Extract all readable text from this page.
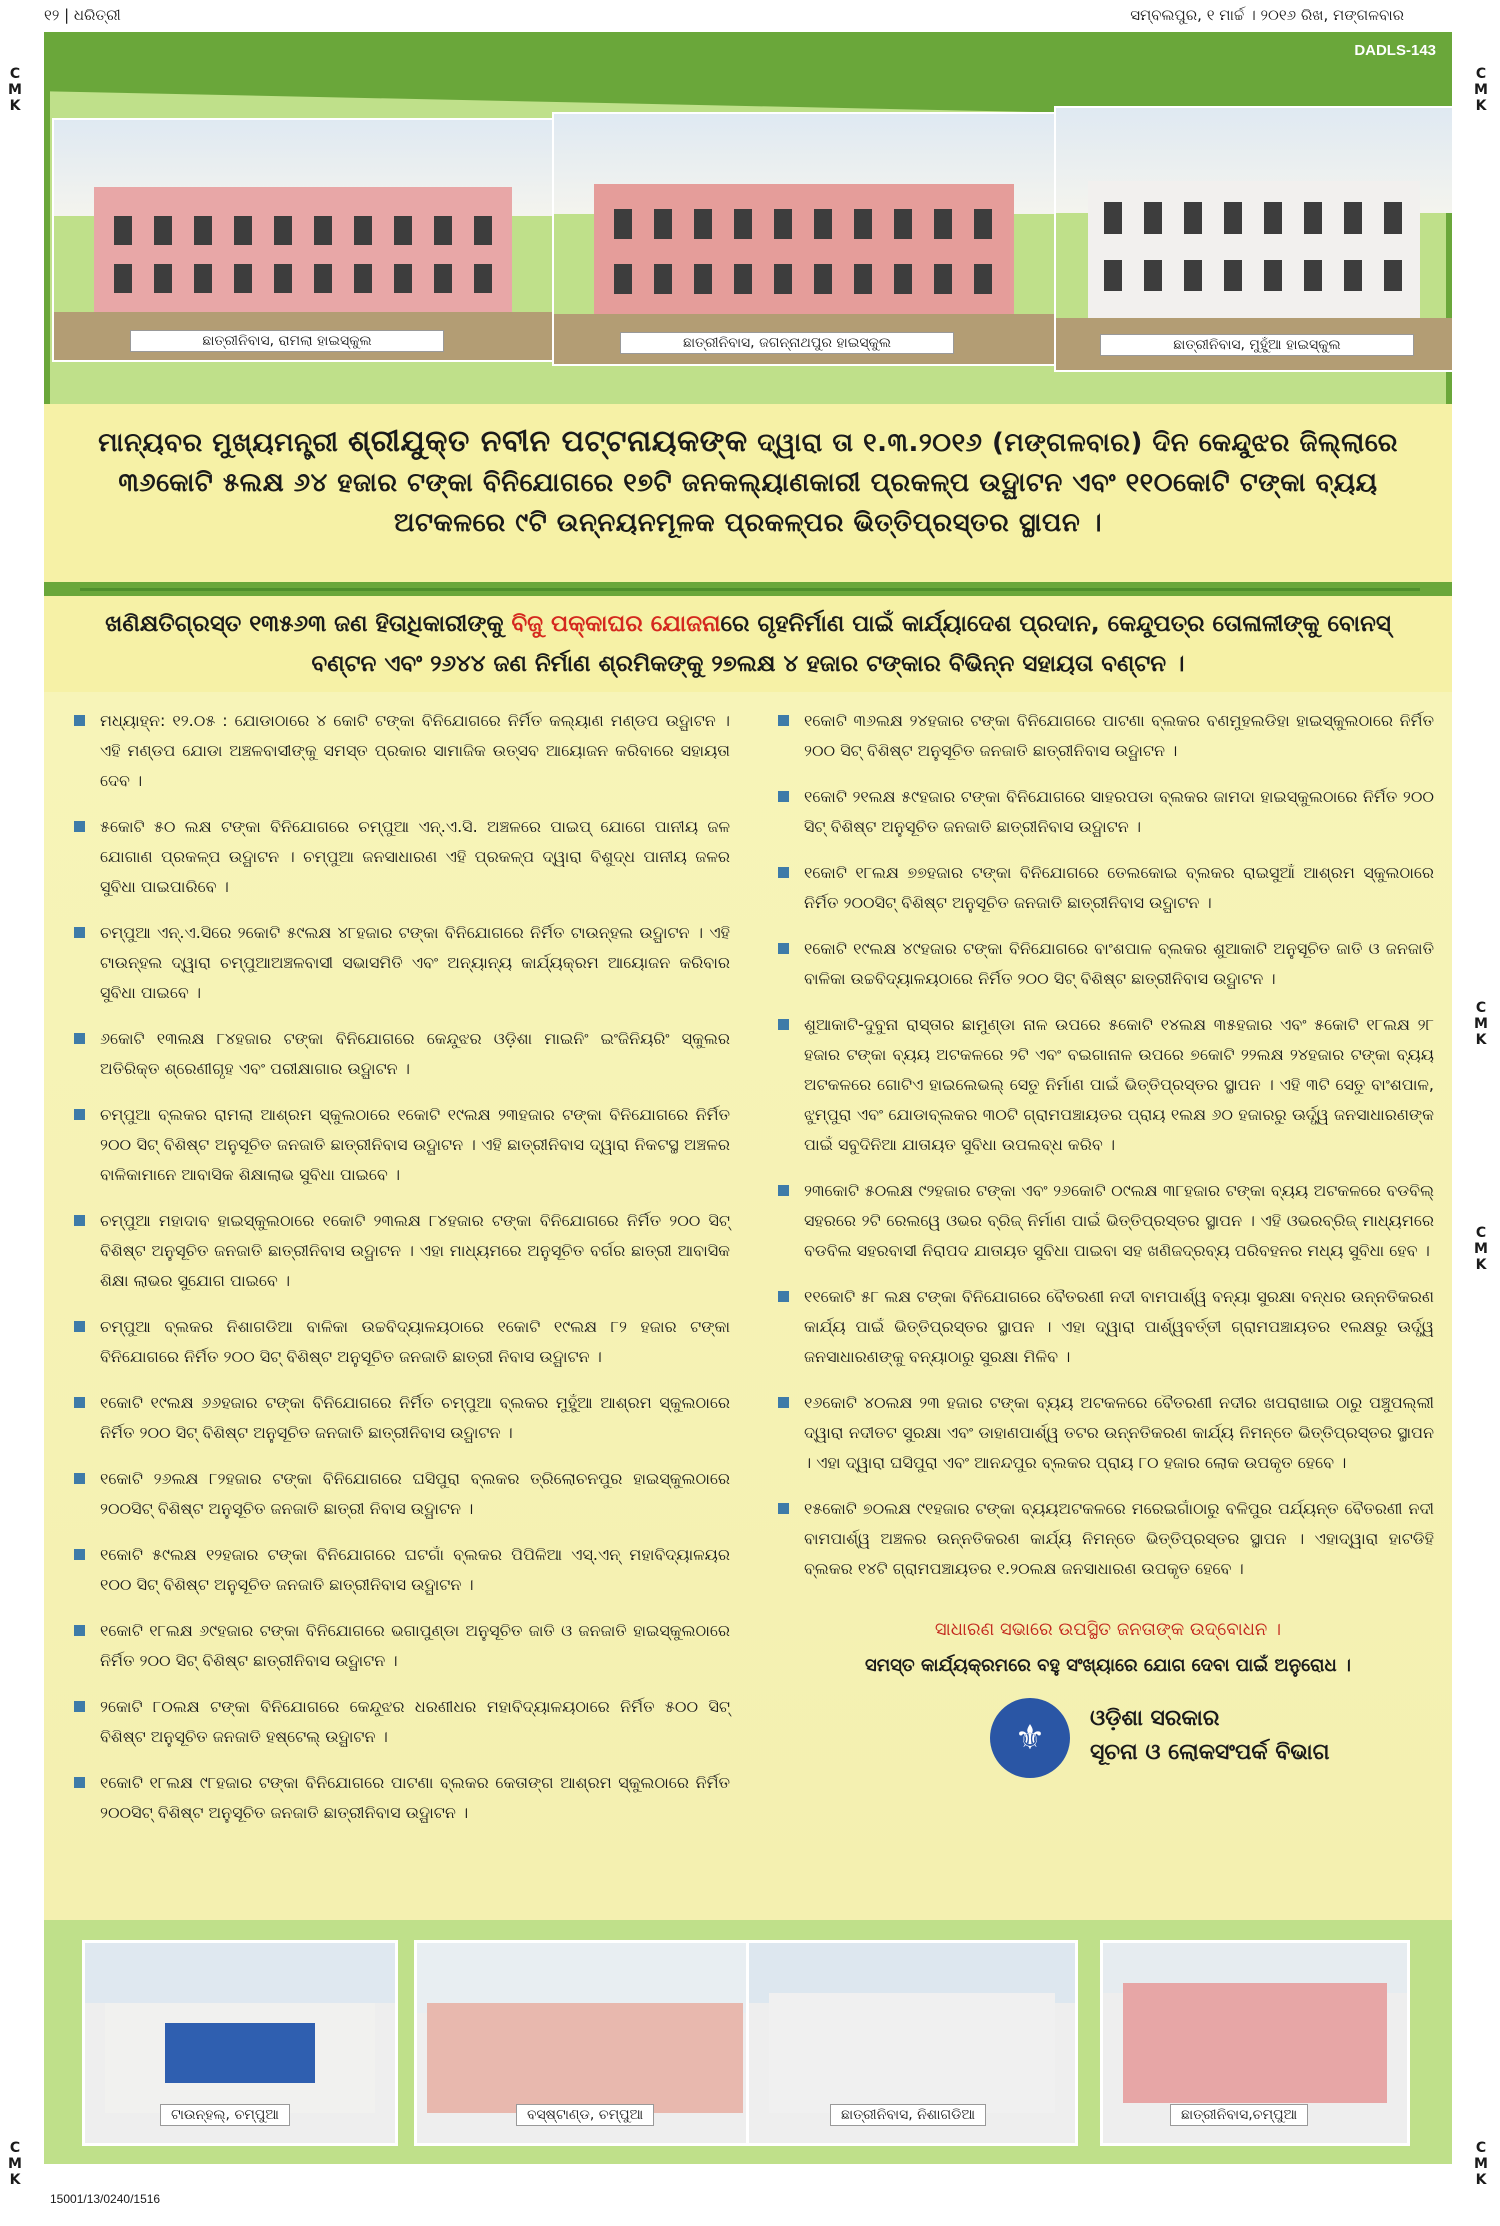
୧୨ | ଧରିତ୍ରୀ	ସମ୍ବଲପୁର, ୧ ମାର୍ଚ୍ଚ । ୨୦୧୬ ରିଖ, ମଙ୍ଗଳବାର
C M K
C M K
C M K
C M K
C M K
C M K
DADLS-143
ଛାତ୍ରୀନିବାସ, ରାମଲା ହାଇସ୍କୁଲ	ଛାତ୍ରୀନିବାସ, ଜଗନ୍ନାଥପୁର ହାଇସ୍କୁଲ	ଛାତ୍ରୀନିବାସ, ମୁହୁଁଆ ହାଇସ୍କୁଲ

ମାନ୍ୟବର ମୁଖ୍ୟମନ୍ତ୍ରୀ ଶ୍ରୀଯୁକ୍ତ ନବୀନ ପଟ୍ଟନାୟକଙ୍କ ଦ୍ୱାରା ତା ୧.୩.୨୦୧୬ (ମଙ୍ଗଳବାର) ଦିନ କେନ୍ଦୁଝର ଜିଲ୍ଲାରେ ୩୬କୋଟି ୫ଲକ୍ଷ ୬୪ ହଜାର ଟଙ୍କା ବିନିଯୋଗରେ ୧୭ଟି ଜନକଲ୍ୟାଣକାରୀ ପ୍ରକଳ୍ପ ଉଦ୍ଘାଟନ ଏବଂ ୧୧୦କୋଟି ଟଙ୍କା ବ୍ୟୟ ଅଟକଳରେ ୯ଟି ଉନ୍ନୟନମୂଳକ ପ୍ରକଳ୍ପର ଭିତ୍ତିପ୍ରସ୍ତର ସ୍ଥାପନ ।

ଖଣିକ୍ଷତିଗ୍ରସ୍ତ ୧୩୫୬୩ ଜଣ ହିତାଧିକାରୀଙ୍କୁ ବିଜୁ ପକ୍କାଘର ଯୋଜନାରେ ଗୃହନିର୍ମାଣ ପାଇଁ କାର୍ଯ୍ୟାଦେଶ ପ୍ରଦାନ, କେନ୍ଦୁପତ୍ର ତୋଳାଳୀଙ୍କୁ ବୋନସ୍ ବଣ୍ଟନ ଏବଂ ୨୬୪୪ ଜଣ ନିର୍ମାଣ ଶ୍ରମିକଙ୍କୁ ୨୭ଲକ୍ଷ ୪ ହଜାର ଟଙ୍କାର ବିଭିନ୍ନ ସହାୟତା ବଣ୍ଟନ ।

ମଧ୍ୟାହ୍ନ: ୧୨.୦୫ : ଯୋଡାଠାରେ ୪ କୋଟି ଟଙ୍କା ବିନିଯୋଗରେ ନିର୍ମିତ କଲ୍ୟାଣ ମଣ୍ଡପ ଉଦ୍ଘାଟନ । ଏହି ମଣ୍ଡପ ଯୋଡା ଅଞ୍ଚଳବାସୀଙ୍କୁ ସମସ୍ତ ପ୍ରକାର ସାମାଜିକ ଉତ୍ସବ ଆୟୋଜନ କରିବାରେ ସହାୟତା ଦେବ ।
୫କୋଟି ୫୦ ଲକ୍ଷ ଟଙ୍କା ବିନିଯୋଗରେ ଚମ୍ପୁଆ ଏନ୍.ଏ.ସି. ଅଞ୍ଚଳରେ ପାଇପ୍ ଯୋଗେ ପାନୀୟ ଜଳ ଯୋଗାଣ ପ୍ରକଳ୍ପ ଉଦ୍ଘାଟନ । ଚମ୍ପୁଆ ଜନସାଧାରଣ ଏହି ପ୍ରକଳ୍ପ ଦ୍ୱାରା ବିଶୁଦ୍ଧ ପାନୀୟ ଜଳର ସୁବିଧା ପାଇପାରିବେ ।
ଚମ୍ପୁଆ ଏନ୍.ଏ.ସିରେ ୨କୋଟି ୫୯ଲକ୍ଷ ୪୮ହଜାର ଟଙ୍କା ବିନିଯୋଗରେ ନିର୍ମିତ ଟାଉନ୍‌ହଲ ଉଦ୍ଘାଟନ । ଏହି ଟାଉନ୍‌ହଲ ଦ୍ୱାରା ଚମ୍ପୁଆଅଞ୍ଚଳବାସୀ ସଭାସମିତି ଏବଂ ଅନ୍ୟାନ୍ୟ କାର୍ଯ୍ୟକ୍ରମ ଆୟୋଜନ କରିବାର ସୁବିଧା ପାଇବେ ।
୬କୋଟି ୧୩ଲକ୍ଷ ୮୪ହଜାର ଟଙ୍କା ବିନିଯୋଗରେ କେନ୍ଦୁଝର ଓଡ଼ିଶା ମାଇନିଂ ଇଂଜିନିୟରିଂ ସ୍କୁଲର ଅତିରିକ୍ତ ଶ୍ରେଣୀଗୃହ ଏବଂ ପରୀକ୍ଷାଗାର ଉଦ୍ଘାଟନ ।
ଚମ୍ପୁଆ ବ୍ଲକର ରାମଲା ଆଶ୍ରମ ସ୍କୁଲଠାରେ ୧କୋଟି ୧୯ଲକ୍ଷ ୨୩ହଜାର ଟଙ୍କା ବିନିଯୋଗରେ ନିର୍ମିତ ୨୦୦ ସିଟ୍ ବିଶିଷ୍ଟ ଅନୁସୂଚିତ ଜନଜାତି ଛାତ୍ରୀନିବାସ ଉଦ୍ଘାଟନ । ଏହି ଛାତ୍ରୀନିବାସ ଦ୍ୱାରା ନିକଟସ୍ଥ ଅଞ୍ଚଳର ବାଳିକାମାନେ ଆବାସିକ ଶିକ୍ଷାଲାଭ ସୁବିଧା ପାଇବେ ।
ଚମ୍ପୁଆ ମହାଦାବ ହାଇସ୍କୁଲଠାରେ ୧କୋଟି ୨୩ଲକ୍ଷ ୮୪ହଜାର ଟଙ୍କା ବିନିଯୋଗରେ ନିର୍ମିତ ୨୦୦ ସିଟ୍ ବିଶିଷ୍ଟ ଅନୁସୂଚିତ ଜନଜାତି ଛାତ୍ରୀନିବାସ ଉଦ୍ଘାଟନ । ଏହା ମାଧ୍ୟମରେ ଅନୁସୂଚିତ ବର୍ଗର ଛାତ୍ରୀ ଆବାସିକ ଶିକ୍ଷା ଲାଭର ସୁଯୋଗ ପାଇବେ ।
ଚମ୍ପୁଆ ବ୍ଲକର ନିଶାଗଡିଆ ବାଳିକା ଉଚ୍ଚବିଦ୍ୟାଳୟଠାରେ ୧କୋଟି ୧୯ଲକ୍ଷ ୮୨ ହଜାର ଟଙ୍କା ବିନିଯୋଗରେ ନିର୍ମିତ ୨୦୦ ସିଟ୍ ବିଶିଷ୍ଟ ଅନୁସୂଚିତ ଜନଜାତି ଛାତ୍ରୀ ନିବାସ ଉଦ୍ଘାଟନ ।
୧କୋଟି ୧୯ଲକ୍ଷ ୬୬ହଜାର ଟଙ୍କା ବିନିଯୋଗରେ ନିର୍ମିତ ଚମ୍ପୁଆ ବ୍ଲକର ମୁହୁଁଆ ଆଶ୍ରମ ସ୍କୁଲଠାରେ ନିର୍ମିତ ୨୦୦ ସିଟ୍ ବିଶିଷ୍ଟ ଅନୁସୂଚିତ ଜନଜାତି ଛାତ୍ରୀନିବାସ ଉଦ୍ଘାଟନ ।
୧କୋଟି ୨୬ଲକ୍ଷ ୮୨ହଜାର ଟଙ୍କା ବିନିଯୋଗରେ ଘସିପୁରା ବ୍ଲକର ତ୍ରିଲୋଚନପୁର ହାଇସ୍କୁଲଠାରେ ୨୦୦ସିଟ୍ ବିଶିଷ୍ଟ ଅନୁସୂଚିତ ଜନଜାତି ଛାତ୍ରୀ ନିବାସ ଉଦ୍ଘାଟନ ।
୧କୋଟି ୫୯ଲକ୍ଷ ୧୨ହଜାର ଟଙ୍କା ବିନିଯୋଗରେ ଘଟଗାଁ ବ୍ଲକର ପିପିଳିଆ ଏସ୍.ଏନ୍ ମହାବିଦ୍ୟାଳୟର ୧୦୦ ସିଟ୍ ବିଶିଷ୍ଟ ଅନୁସୂଚିତ ଜନଜାତି ଛାତ୍ରୀନିବାସ ଉଦ୍ଘାଟନ ।
୧କୋଟି ୧୮ଲକ୍ଷ ୬୯ହଜାର ଟଙ୍କା ବିନିଯୋଗରେ ଭଗାପୁଣ୍ଡା ଅନୁସୂଚିତ ଜାତି ଓ ଜନଜାତି ହାଇସ୍କୁଲଠାରେ ନିର୍ମିତ ୨୦୦ ସିଟ୍ ବିଶିଷ୍ଟ ଛାତ୍ରୀନିବାସ ଉଦ୍ଘାଟନ ।
୨କୋଟି ୮୦ଲକ୍ଷ ଟଙ୍କା ବିନିଯୋଗରେ କେନ୍ଦୁଝର ଧରଣୀଧର ମହାବିଦ୍ୟାଳୟଠାରେ ନିର୍ମିତ ୫୦୦ ସିଟ୍ ବିଶିଷ୍ଟ ଅନୁସୂଚିତ ଜନଜାତି ହଷ୍ଟେଲ୍ ଉଦ୍ଘାଟନ ।
୧କୋଟି ୧୮ଲକ୍ଷ ୯୮ହଜାର ଟଙ୍କା ବିନିଯୋଗରେ ପାଟଣା ବ୍ଲକର କେତାଙ୍ଗ ଆଶ୍ରମ ସ୍କୁଲଠାରେ ନିର୍ମିତ ୨୦୦ସିଟ୍ ବିଶିଷ୍ଟ ଅନୁସୂଚିତ ଜନଜାତି ଛାତ୍ରୀନିବାସ ଉଦ୍ଘାଟନ ।
୧କୋଟି ୩୬ଲକ୍ଷ ୨୪ହଜାର ଟଙ୍କା ବିନିଯୋଗରେ ପାଟଣା ବ୍ଲକର ବଣମୁହଲଡିହା ହାଇସ୍କୁଲଠାରେ ନିର୍ମିତ ୨୦୦ ସିଟ୍ ବିଶିଷ୍ଟ ଅନୁସୂଚିତ ଜନଜାତି ଛାତ୍ରୀନିବାସ ଉଦ୍ଘାଟନ ।
୧କୋଟି ୨୧ଲକ୍ଷ ୫୯ହଜାର ଟଙ୍କା ବିନିଯୋଗରେ ସାହରପଡା ବ୍ଲକର ଜାମଦା ହାଇସ୍କୁଲଠାରେ ନିର୍ମିତ ୨୦୦ ସିଟ୍ ବିଶିଷ୍ଟ ଅନୁସୂଚିତ ଜନଜାତି ଛାତ୍ରୀନିବାସ ଉଦ୍ଘାଟନ ।
୧କୋଟି ୧୮ଲକ୍ଷ ୭୭ହଜାର ଟଙ୍କା ବିନିଯୋଗରେ ତେଲକୋଇ ବ୍ଲକର ରାଇସୁଆଁ ଆଶ୍ରମ ସ୍କୁଲଠାରେ ନିର୍ମିତ ୨୦୦ସିଟ୍ ବିଶିଷ୍ଟ ଅନୁସୂଚିତ ଜନଜାତି ଛାତ୍ରୀନିବାସ ଉଦ୍ଘାଟନ ।
୧କୋଟି ୧୯ଲକ୍ଷ ୪୯ହଜାର ଟଙ୍କା ବିନିଯୋଗରେ ବାଂଶପାଳ ବ୍ଲକର ଶୁଆକାଟି ଅନୁସୂଚିତ ଜାତି ଓ ଜନଜାତି ବାଳିକା ଉଚ୍ଚବିଦ୍ୟାଳୟଠାରେ ନିର୍ମିତ ୨୦୦ ସିଟ୍ ବିଶିଷ୍ଟ ଛାତ୍ରୀନିବାସ ଉଦ୍ଘାଟନ ।
ଶୁଆକାଟି-ଦୁବୁନା ରାସ୍ତାର ଛାମୁଣ୍ଡା ନାଳ ଉପରେ ୫କୋଟି ୧୪ଲକ୍ଷ ୩୫ହଜାର ଏବଂ ୫କୋଟି ୧୮ଲକ୍ଷ ୨୮ ହଜାର ଟଙ୍କା ବ୍ୟୟ ଅଟକଳରେ ୨ଟି ଏବଂ ବଇଗାନାଳ ଉପରେ ୭କୋଟି ୨୨ଲକ୍ଷ ୨୪ହଜାର ଟଙ୍କା ବ୍ୟୟ ଅଟକଳରେ ଗୋଟିଏ ହାଇଲେଭଲ୍ ସେତୁ ନିର୍ମାଣ ପାଇଁ ଭିତ୍ତିପ୍ରସ୍ତର ସ୍ଥାପନ । ଏହି ୩ଟି ସେତୁ ବାଂଶପାଳ, ଝୁମ୍ପୁରା ଏବଂ ଯୋଡାବ୍ଲକର ୩୦ଟି ଗ୍ରାମପଞ୍ଚାୟତର ପ୍ରାୟ ୧ଲକ୍ଷ ୬୦ ହଜାରରୁ ଊର୍ଦ୍ଧ୍ୱ ଜନସାଧାରଣଙ୍କ ପାଇଁ ସବୁଦିନିଆ ଯାତାୟତ ସୁବିଧା ଉପଲବ୍ଧ କରିବ ।
୨୩କୋଟି ୫୦ଲକ୍ଷ ୯୨ହଜାର ଟଙ୍କା ଏବଂ ୨୬କୋଟି ୦୯ଲକ୍ଷ ୩୮ହଜାର ଟଙ୍କା ବ୍ୟୟ ଅଟକଳରେ ବଡବିଲ୍ ସହରରେ ୨ଟି ରେଲୱେ ଓଭର ବ୍ରିଜ୍ ନିର୍ମାଣ ପାଇଁ ଭିତ୍ତିପ୍ରସ୍ତର ସ୍ଥାପନ । ଏହି ଓଭରବ୍ରିଜ୍ ମାଧ୍ୟମରେ ବଡବିଲ ସହରବାସୀ ନିରାପଦ ଯାତାୟତ ସୁବିଧା ପାଇବା ସହ ଖଣିଜଦ୍ରବ୍ୟ ପରିବହନର ମଧ୍ୟ ସୁବିଧା ହେବ ।
୧୧କୋଟି ୫୮ ଲକ୍ଷ ଟଙ୍କା ବିନିଯୋଗରେ ବୈତରଣୀ ନଦୀ ବାମପାର୍ଶ୍ୱ ବନ୍ୟା ସୁରକ୍ଷା ବନ୍ଧର ଉନ୍ନତିକରଣ କାର୍ଯ୍ୟ ପାଇଁ ଭିତ୍ତିପ୍ରସ୍ତର ସ୍ଥାପନ । ଏହା ଦ୍ୱାରା ପାର୍ଶ୍ୱବର୍ତ୍ତୀ ଗ୍ରାମପଞ୍ଚାୟତର ୧ଲକ୍ଷରୁ ଊର୍ଦ୍ଧ୍ୱ ଜନସାଧାରଣଙ୍କୁ ବନ୍ୟାଠାରୁ ସୁରକ୍ଷା ମିଳିବ ।
୧୬କୋଟି ୪୦ଲକ୍ଷ ୨୩ ହଜାର ଟଙ୍କା ବ୍ୟୟ ଅଟକଳରେ ବୈତରଣୀ ନଦୀର ଖପରାଖାଇ ଠାରୁ ପଞ୍ଚୁପଲ୍ଲୀ ଦ୍ୱାରା ନଦୀତଟ ସୁରକ୍ଷା ଏବଂ ଡାହାଣପାର୍ଶ୍ୱ ତଟର ଉନ୍ନତିକରଣ କାର୍ଯ୍ୟ ନିମନ୍ତେ ଭିତ୍ତିପ୍ରସ୍ତର ସ୍ଥାପନ । ଏହା ଦ୍ୱାରା ଘସିପୁରା ଏବଂ ଆନନ୍ଦପୁର ବ୍ଲକର ପ୍ରାୟ ୮୦ ହଜାର ଲୋକ ଉପକୃତ ହେବେ ।
୧୫କୋଟି ୭୦ଲକ୍ଷ ୯୧ହଜାର ଟଙ୍କା ବ୍ୟୟଅଟକଳରେ ମରେଇଗାଁଠାରୁ ବଳିପୁର ପର୍ଯ୍ୟନ୍ତ ବୈତରଣୀ ନଦୀ ବାମପାର୍ଶ୍ୱ ଅଞ୍ଚଳର ଉନ୍ନତିକରଣ କାର୍ଯ୍ୟ ନିମନ୍ତେ ଭିତ୍ତିପ୍ରସ୍ତର ସ୍ଥାପନ । ଏହାଦ୍ୱାରା ହାଟଡିହି ବ୍ଲକର ୧୪ଟି ଗ୍ରାମପଞ୍ଚାୟତର ୧.୨୦ଲକ୍ଷ ଜନସାଧାରଣ ଉପକୃତ ହେବେ ।
ସାଧାରଣ ସଭାରେ ଉପସ୍ଥିତ ଜନତାଙ୍କ ଉଦ୍‌ବୋଧନ ।
ସମସ୍ତ କାର୍ଯ୍ୟକ୍ରମରେ ବହୁ ସଂଖ୍ୟାରେ ଯୋଗ ଦେବା ପାଇଁ ଅନୁରୋଧ ।
⚜	ଓଡ଼ିଶା ସରକାର
ସୂଚନା ଓ ଲୋକସଂପର୍କ ବିଭାଗ
ଟାଉନ୍‌ହଲ୍, ଚମ୍ପୁଆ	ବସ୍‌ଷ୍ଟାଣ୍ଡ, ଚମ୍ପୁଆ	ଛାତ୍ରୀନିବାସ, ନିଶାଗଡିଆ	ଛାତ୍ରୀନିବାସ,ଚମ୍ପୁଆ
15001/13/0240/1516
